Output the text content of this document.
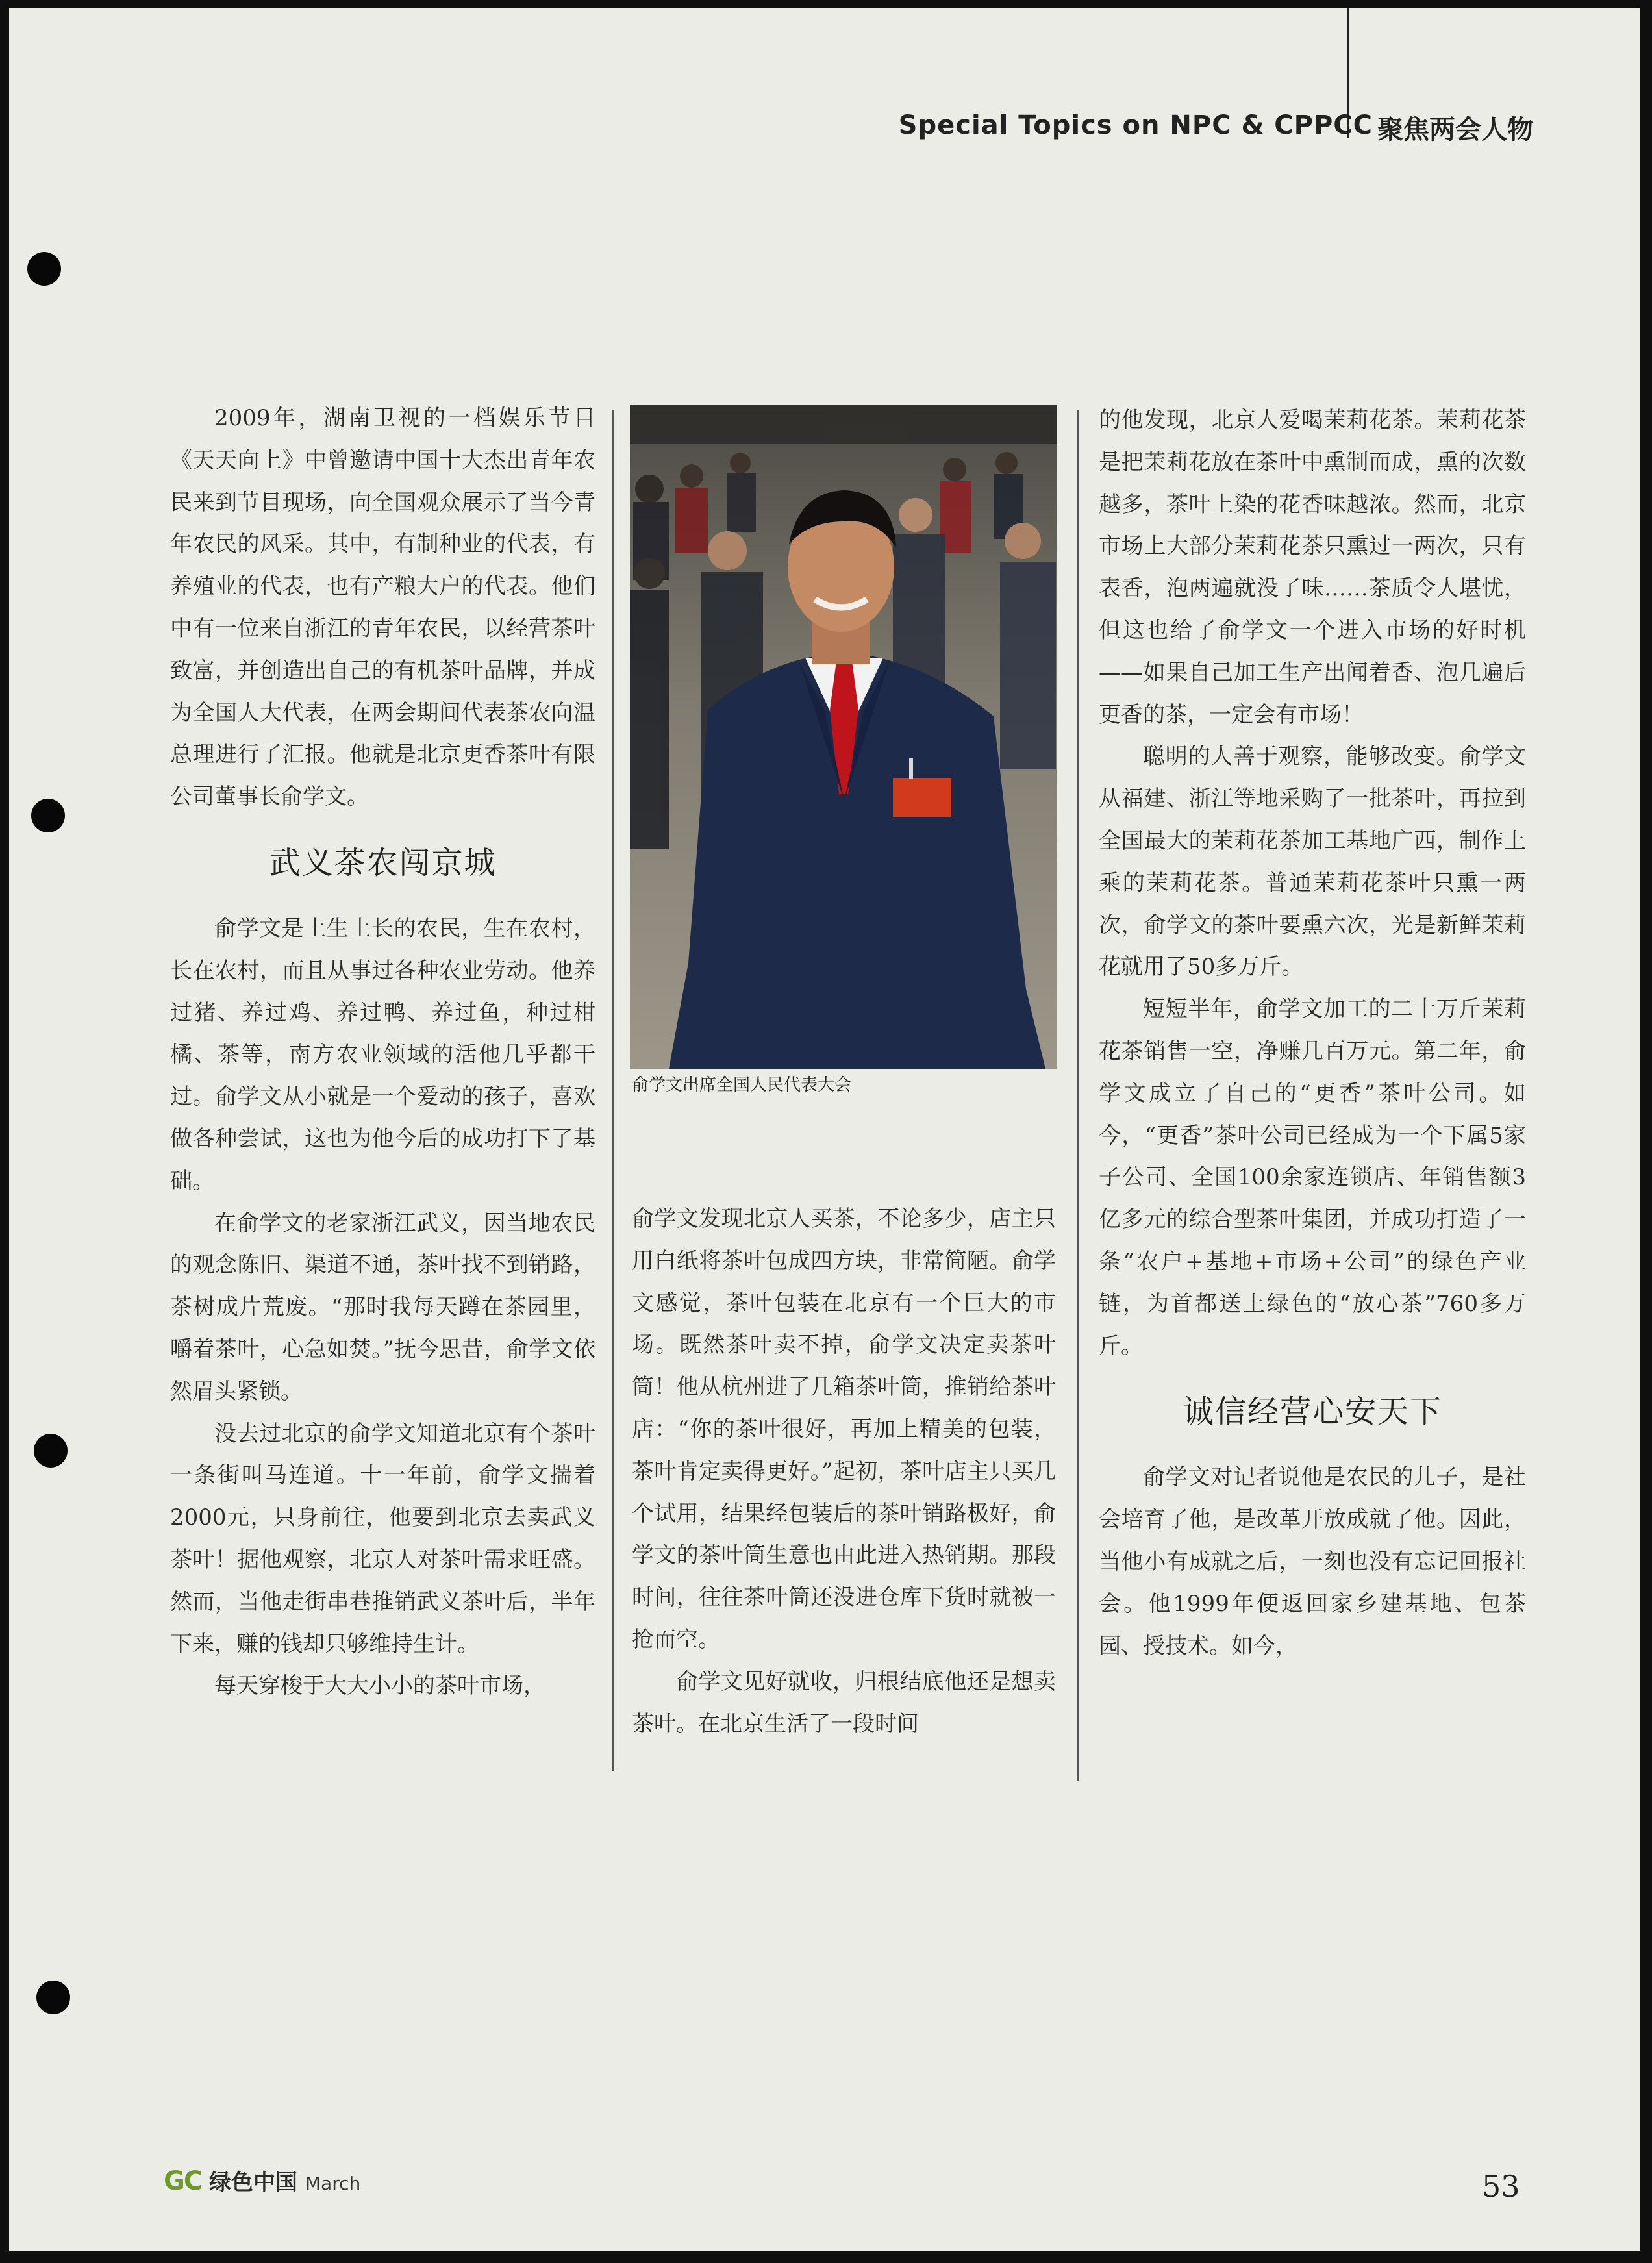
Special Topics on NPC & CPPCC 聚焦两会人物

2009年，湖南卫视的一档娱乐节目《天天向上》中曾邀请中国十大杰出青年农民来到节目现场，向全国观众展示了当今青年农民的风采。其中，有制种业的代表，有养殖业的代表，也有产粮大户的代表。他们中有一位来自浙江的青年农民，以经营茶叶致富，并创造出自己的有机茶叶品牌，并成为全国人大代表，在两会期间代表茶农向温总理进行了汇报。他就是北京更香茶叶有限公司董事长俞学文。

武义茶农闯京城

俞学文是土生土长的农民，生在农村，长在农村，而且从事过各种农业劳动。他养过猪、养过鸡、养过鸭、养过鱼，种过柑橘、茶等，南方农业领域的活他几乎都干过。俞学文从小就是一个爱动的孩子，喜欢做各种尝试，这也为他今后的成功打下了基础。

在俞学文的老家浙江武义，因当地农民的观念陈旧、渠道不通，茶叶找不到销路，茶树成片荒废。“那时我每天蹲在茶园里，嚼着茶叶，心急如焚。”抚今思昔，俞学文依然眉头紧锁。

没去过北京的俞学文知道北京有个茶叶一条街叫马连道。十一年前，俞学文揣着2000元，只身前往，他要到北京去卖武义茶叶！据他观察，北京人对茶叶需求旺盛。然而，当他走街串巷推销武义茶叶后，半年下来，赚的钱却只够维持生计。

每天穿梭于大大小小的茶叶市场，

俞学文出席全国人民代表大会

俞学文发现北京人买茶，不论多少，店主只用白纸将茶叶包成四方块，非常简陋。俞学文感觉，茶叶包装在北京有一个巨大的市场。既然茶叶卖不掉，俞学文决定卖茶叶筒！他从杭州进了几箱茶叶筒，推销给茶叶店：“你的茶叶很好，再加上精美的包装，茶叶肯定卖得更好。”起初，茶叶店主只买几个试用，结果经包装后的茶叶销路极好，俞学文的茶叶筒生意也由此进入热销期。那段时间，往往茶叶筒还没进仓库下货时就被一抢而空。

俞学文见好就收，归根结底他还是想卖茶叶。在北京生活了一段时间

的他发现，北京人爱喝茉莉花茶。茉莉花茶是把茉莉花放在茶叶中熏制而成，熏的次数越多，茶叶上染的花香味越浓。然而，北京市场上大部分茉莉花茶只熏过一两次，只有表香，泡两遍就没了味……茶质令人堪忧，但这也给了俞学文一个进入市场的好时机——如果自己加工生产出闻着香、泡几遍后更香的茶，一定会有市场！

聪明的人善于观察，能够改变。俞学文从福建、浙江等地采购了一批茶叶，再拉到全国最大的茉莉花茶加工基地广西，制作上乘的茉莉花茶。普通茉莉花茶叶只熏一两次，俞学文的茶叶要熏六次，光是新鲜茉莉花就用了50多万斤。

短短半年，俞学文加工的二十万斤茉莉花茶销售一空，净赚几百万元。第二年，俞学文成立了自己的“更香”茶叶公司。如今，“更香”茶叶公司已经成为一个下属5家子公司、全国100余家连锁店、年销售额3亿多元的综合型茶叶集团，并成功打造了一条“农户+基地+市场+公司”的绿色产业链，为首都送上绿色的“放心茶”760多万斤。

诚信经营心安天下

俞学文对记者说他是农民的儿子，是社会培育了他，是改革开放成就了他。因此，当他小有成就之后，一刻也没有忘记回报社会。他1999年便返回家乡建基地、包茶园、授技术。如今，

GC 绿色中国 March	53
